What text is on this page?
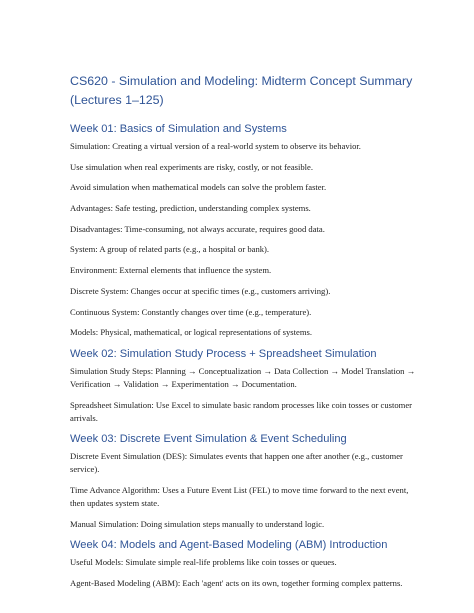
CS620 - Simulation and Modeling: Midterm Concept Summary (Lectures 1–125)
Week 01: Basics of Simulation and Systems

Simulation: Creating a virtual version of a real-world system to observe its behavior.

Use simulation when real experiments are risky, costly, or not feasible.

Avoid simulation when mathematical models can solve the problem faster.

Advantages: Safe testing, prediction, understanding complex systems.

Disadvantages: Time-consuming, not always accurate, requires good data.

System: A group of related parts (e.g., a hospital or bank).

Environment: External elements that influence the system.

Discrete System: Changes occur at specific times (e.g., customers arriving).

Continuous System: Constantly changes over time (e.g., temperature).

Models: Physical, mathematical, or logical representations of systems.

Week 02: Simulation Study Process + Spreadsheet Simulation

Simulation Study Steps: Planning → Conceptualization → Data Collection → Model Translation → Verification → Validation → Experimentation → Documentation.

Spreadsheet Simulation: Use Excel to simulate basic random processes like coin tosses or customer arrivals.

Week 03: Discrete Event Simulation & Event Scheduling

Discrete Event Simulation (DES): Simulates events that happen one after another (e.g., customer service).

Time Advance Algorithm: Uses a Future Event List (FEL) to move time forward to the next event, then updates system state.

Manual Simulation: Doing simulation steps manually to understand logic.

Week 04: Models and Agent-Based Modeling (ABM) Introduction

Useful Models: Simulate simple real-life problems like coin tosses or queues.

Agent-Based Modeling (ABM): Each 'agent' acts on its own, together forming complex patterns.
